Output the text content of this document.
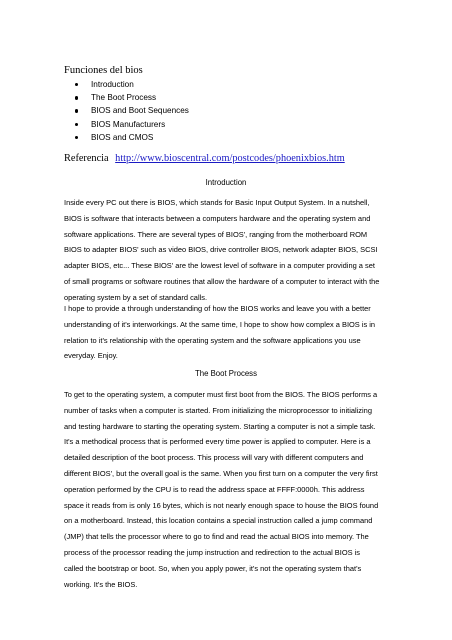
Funciones del bios
Introduction
The Boot Process
BIOS and Boot Sequences
BIOS Manufacturers
BIOS and CMOS
Referencia http://www.bioscentral.com/postcodes/phoenixbios.htm
Introduction
Inside every PC out there is BIOS, which stands for Basic Input Output System. In a nutshell,
BIOS is software that interacts between a computers hardware and the operating system and
software applications. There are several types of BIOS', ranging from the motherboard ROM
BIOS to adapter BIOS' such as video BIOS, drive controller BIOS, network adapter BIOS, SCSI
adapter BIOS, etc... These BIOS' are the lowest level of software in a computer providing a set
of small programs or software routines that allow the hardware of a computer to interact with the
operating system by a set of standard calls.
I hope to provide a through understanding of how the BIOS works and leave you with a better
understanding of it's interworkings. At the same time, I hope to show how complex a BIOS is in
relation to it's relationship with the operating system and the software applications you use
everyday. Enjoy.
The Boot Process
To get to the operating system, a computer must first boot from the BIOS. The BIOS performs a
number of tasks when a computer is started. From initializing the microprocessor to initializing
and testing hardware to starting the operating system. Starting a computer is not a simple task.
It's a methodical process that is performed every time power is applied to computer. Here is a
detailed description of the boot process. This process will vary with different computers and
different BIOS', but the overall goal is the same. When you first turn on a computer the very first
operation performed by the CPU is to read the address space at FFFF:0000h. This address
space it reads from is only 16 bytes, which is not nearly enough space to house the BIOS found
on a motherboard. Instead, this location contains a special instruction called a jump command
(JMP) that tells the processor where to go to find and read the actual BIOS into memory. The
process of the processor reading the jump instruction and redirection to the actual BIOS is
called the bootstrap or boot. So, when you apply power, it's not the operating system that's
working. It's the BIOS.
